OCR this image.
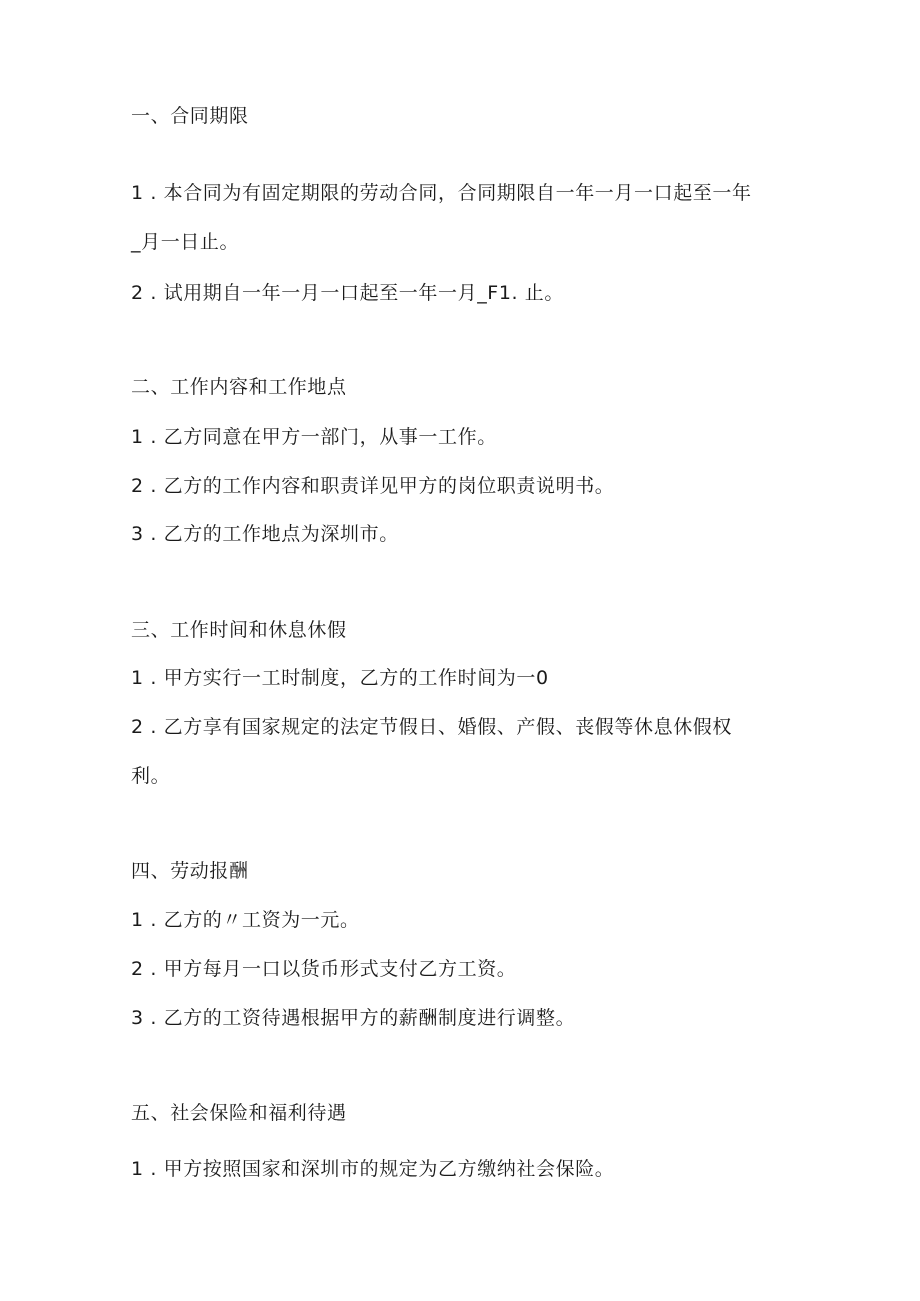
一、合同期限
1 . 本合同为有固定期限的劳动合同，合同期限自一年一月一口起至一年
_月一日止。
2 . 试用期自一年一月一口起至一年一月_F1. 止。
二、工作内容和工作地点
1 . 乙方同意在甲方一部门，从事一工作。
2 . 乙方的工作内容和职责详见甲方的岗位职责说明书。
3 . 乙方的工作地点为深圳市。
三、工作时间和休息休假
1 . 甲方实行一工时制度，乙方的工作时间为一0
2 . 乙方享有国家规定的法定节假日、婚假、产假、丧假等休息休假权
利。
四、劳动报酬
1 . 乙方的〃工资为一元。
2 . 甲方每月一口以货币形式支付乙方工资。
3 . 乙方的工资待遇根据甲方的薪酬制度进行调整。
五、社会保险和福利待遇
1 . 甲方按照国家和深圳市的规定为乙方缴纳社会保险。
